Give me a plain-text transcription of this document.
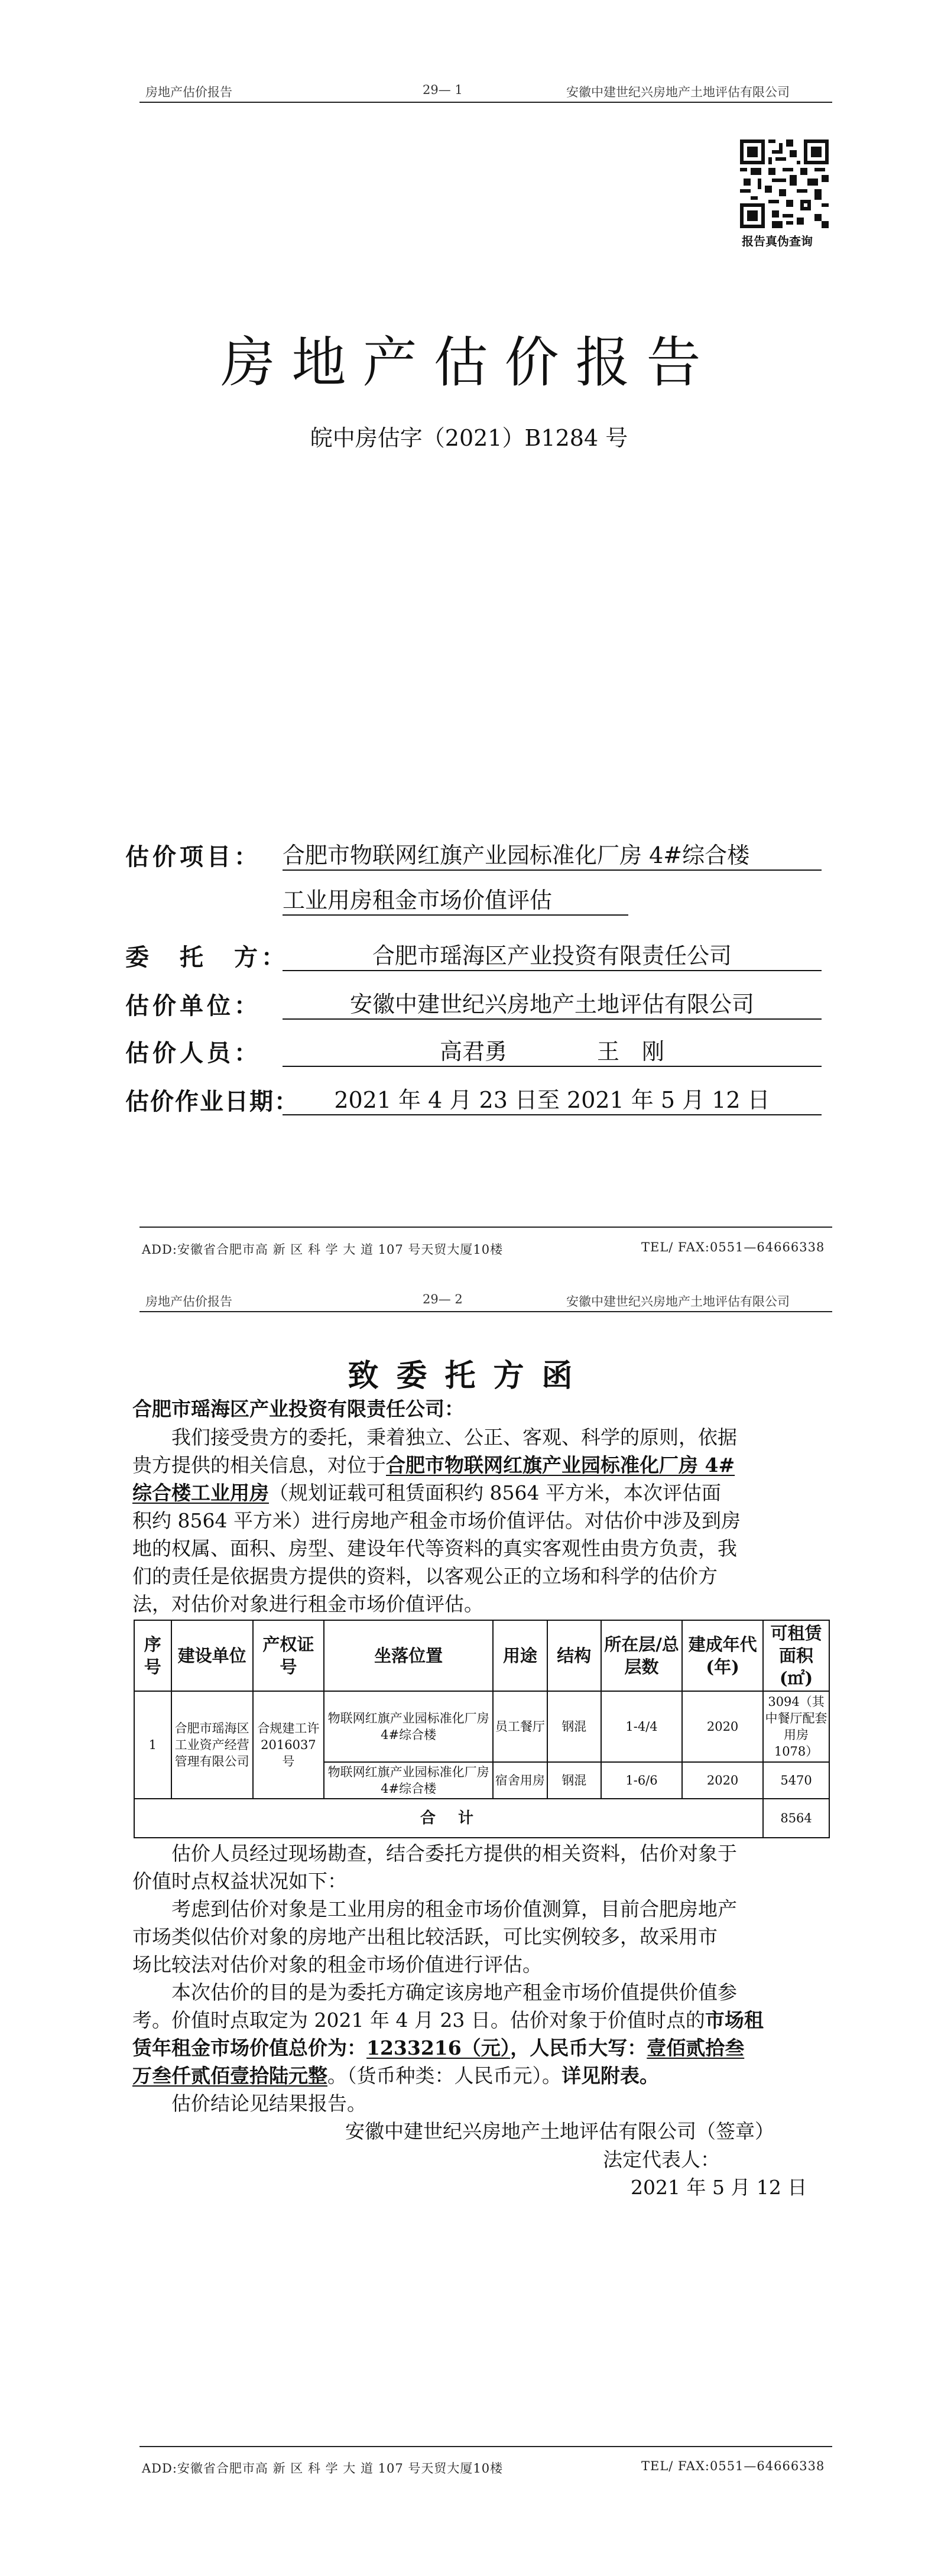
房地产估价报告	29— 1	安徽中建世纪兴房地产土地评估有限公司
报告真伪查询
房地产估价报告
皖中房估字（2021）B1284 号
估价项目： 合肥市物联网红旗产业园标准化厂房 4#综合楼
工业用房租金市场价值评估
委　托　方：	合肥市瑶海区产业投资有限责任公司
估价单位：	安徽中建世纪兴房地产土地评估有限公司
估价人员：	高君勇　　　　王　刚
估价作业日期：	2021 年 4 月 23 日至 2021 年 5 月 12 日
ADD:安徽省合肥市高 新 区 科 学 大 道 107 号天贸大厦10楼	TEL/ FAX:0551—64666338
房地产估价报告	29— 2	安徽中建世纪兴房地产土地评估有限公司
致委托方函
合肥市瑶海区产业投资有限责任公司：
我们接受贵方的委托，秉着独立、公正、客观、科学的原则，依据
贵方提供的相关信息，对位于合肥市物联网红旗产业园标准化厂房 4#
综合楼工业用房（规划证载可租赁面积约 8564 平方米，本次评估面
积约 8564 平方米）进行房地产租金市场价值评估。对估价中涉及到房
地的权属、面积、房型、建设年代等资料的真实客观性由贵方负责，我
们的责任是依据贵方提供的资料，以客观公正的立场和科学的估价方
法，对估价对象进行租金市场价值评估。
序号	建设单位	产权证号	坐落位置	用途	结构	所在层/总层数	建成年代(年)	可租赁面积(㎡)
1	合肥市瑶海区工业资产经营管理有限公司	合规建工许2016037号	物联网红旗产业园标准化厂房 4#综合楼	员工餐厅	钢混	1-4/4	2020	3094（其中餐厅配套用房1078）
			物联网红旗产业园标准化厂房 4#综合楼	宿舍用房	钢混	1-6/6	2020	5470
合　计								8564
估价人员经过现场勘查，结合委托方提供的相关资料，估价对象于
价值时点权益状况如下：
考虑到估价对象是工业用房的租金市场价值测算，目前合肥房地产
市场类似估价对象的房地产出租比较活跃，可比实例较多，故采用市
场比较法对估价对象的租金市场价值进行评估。
本次估价的目的是为委托方确定该房地产租金市场价值提供价值参
考。价值时点取定为 2021 年 4 月 23 日。估价对象于价值时点的市场租
赁年租金市场价值总价为：1233216（元），人民币大写：壹佰贰拾叁
万叁仟贰佰壹拾陆元整。（货币种类：人民币元）。详见附表。
估价结论见结果报告。
安徽中建世纪兴房地产土地评估有限公司（签章）
法定代表人：
2021 年 5 月 12 日
ADD:安徽省合肥市高 新 区 科 学 大 道 107 号天贸大厦10楼	TEL/ FAX:0551—64666338
